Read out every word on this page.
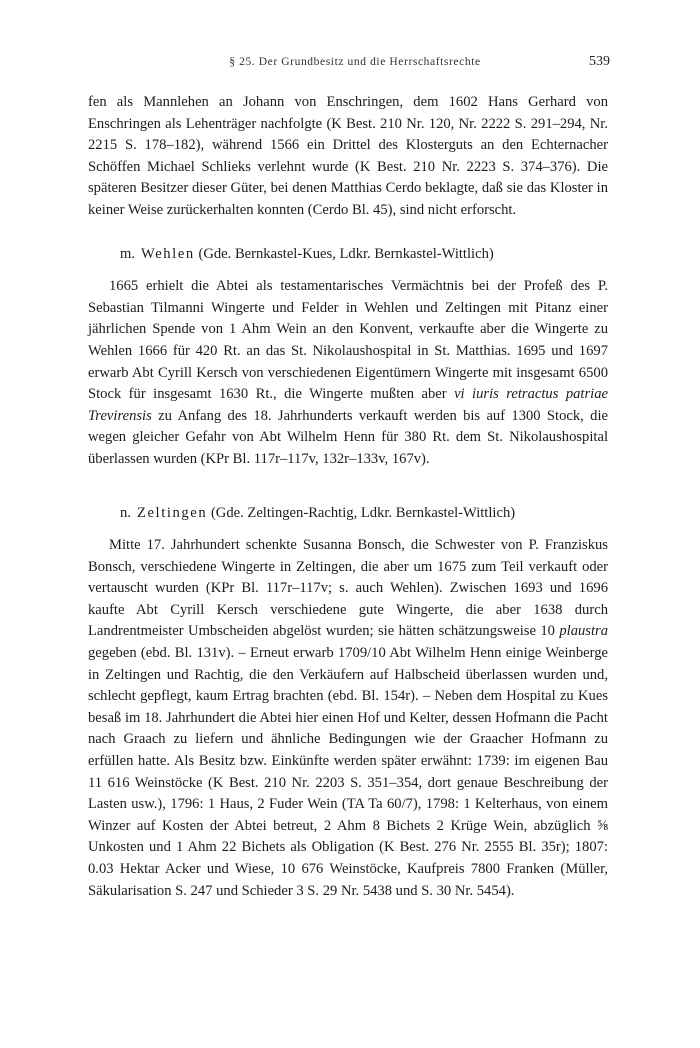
§ 25. Der Grundbesitz und die Herrschaftsrechte	539

fen als Mannlehen an Johann von Enschringen, dem 1602 Hans Gerhard von Enschringen als Lehenträger nachfolgte (K Best. 210 Nr. 120, Nr. 2222 S. 291–294, Nr. 2215 S. 178–182), während 1566 ein Drittel des Klosterguts an den Echternacher Schöffen Michael Schlieks verlehnt wurde (K Best. 210 Nr. 2223 S. 374–376). Die späteren Besitzer dieser Güter, bei denen Matthias Cerdo beklagte, daß sie das Kloster in keiner Weise zurückerhalten konnten (Cerdo Bl. 45), sind nicht erforscht.

m. Wehlen (Gde. Bernkastel-Kues, Ldkr. Bernkastel-Wittlich)

1665 erhielt die Abtei als testamentarisches Vermächtnis bei der Profeß des P. Sebastian Tilmanni Wingerte und Felder in Wehlen und Zeltingen mit Pitanz einer jährlichen Spende von 1 Ahm Wein an den Konvent, verkaufte aber die Wingerte zu Wehlen 1666 für 420 Rt. an das St. Nikolaushospital in St. Matthias. 1695 und 1697 erwarb Abt Cyrill Kersch von verschiedenen Eigentümern Wingerte mit insgesamt 6500 Stock für insgesamt 1630 Rt., die Wingerte mußten aber vi iuris retractus patriae Trevirensis zu Anfang des 18. Jahrhunderts verkauft werden bis auf 1300 Stock, die wegen gleicher Gefahr von Abt Wilhelm Henn für 380 Rt. dem St. Nikolaushospital überlassen wurden (KPr Bl. 117r–117v, 132r–133v, 167v).

n. Zeltingen (Gde. Zeltingen-Rachtig, Ldkr. Bernkastel-Wittlich)

Mitte 17. Jahrhundert schenkte Susanna Bonsch, die Schwester von P. Franziskus Bonsch, verschiedene Wingerte in Zeltingen, die aber um 1675 zum Teil verkauft oder vertauscht wurden (KPr Bl. 117r–117v; s. auch Wehlen). Zwischen 1693 und 1696 kaufte Abt Cyrill Kersch verschiedene gute Wingerte, die aber 1638 durch Landrentmeister Umbscheiden abgelöst wurden; sie hätten schätzungsweise 10 plaustra gegeben (ebd. Bl. 131v). – Erneut erwarb 1709/10 Abt Wilhelm Henn einige Weinberge in Zeltingen und Rachtig, die den Verkäufern auf Halbscheid überlassen wurden und, schlecht gepflegt, kaum Ertrag brachten (ebd. Bl. 154r). – Neben dem Hospital zu Kues besaß im 18. Jahrhundert die Abtei hier einen Hof und Kelter, dessen Hofmann die Pacht nach Graach zu liefern und ähnliche Bedingungen wie der Graacher Hofmann zu erfüllen hatte. Als Besitz bzw. Einkünfte werden später erwähnt: 1739: im eigenen Bau 11 616 Weinstöcke (K Best. 210 Nr. 2203 S. 351–354, dort genaue Beschreibung der Lasten usw.), 1796: 1 Haus, 2 Fuder Wein (TA Ta 60/7), 1798: 1 Kelterhaus, von einem Winzer auf Kosten der Abtei betreut, 2 Ahm 8 Bichets 2 Krüge Wein, abzüglich ⅝ Unkosten und 1 Ahm 22 Bichets als Obligation (K Best. 276 Nr. 2555 Bl. 35r); 1807: 0.03 Hektar Acker und Wiese, 10 676 Weinstöcke, Kaufpreis 7800 Franken (Müller, Säkularisation S. 247 und Schieder 3 S. 29 Nr. 5438 und S. 30 Nr. 5454).
